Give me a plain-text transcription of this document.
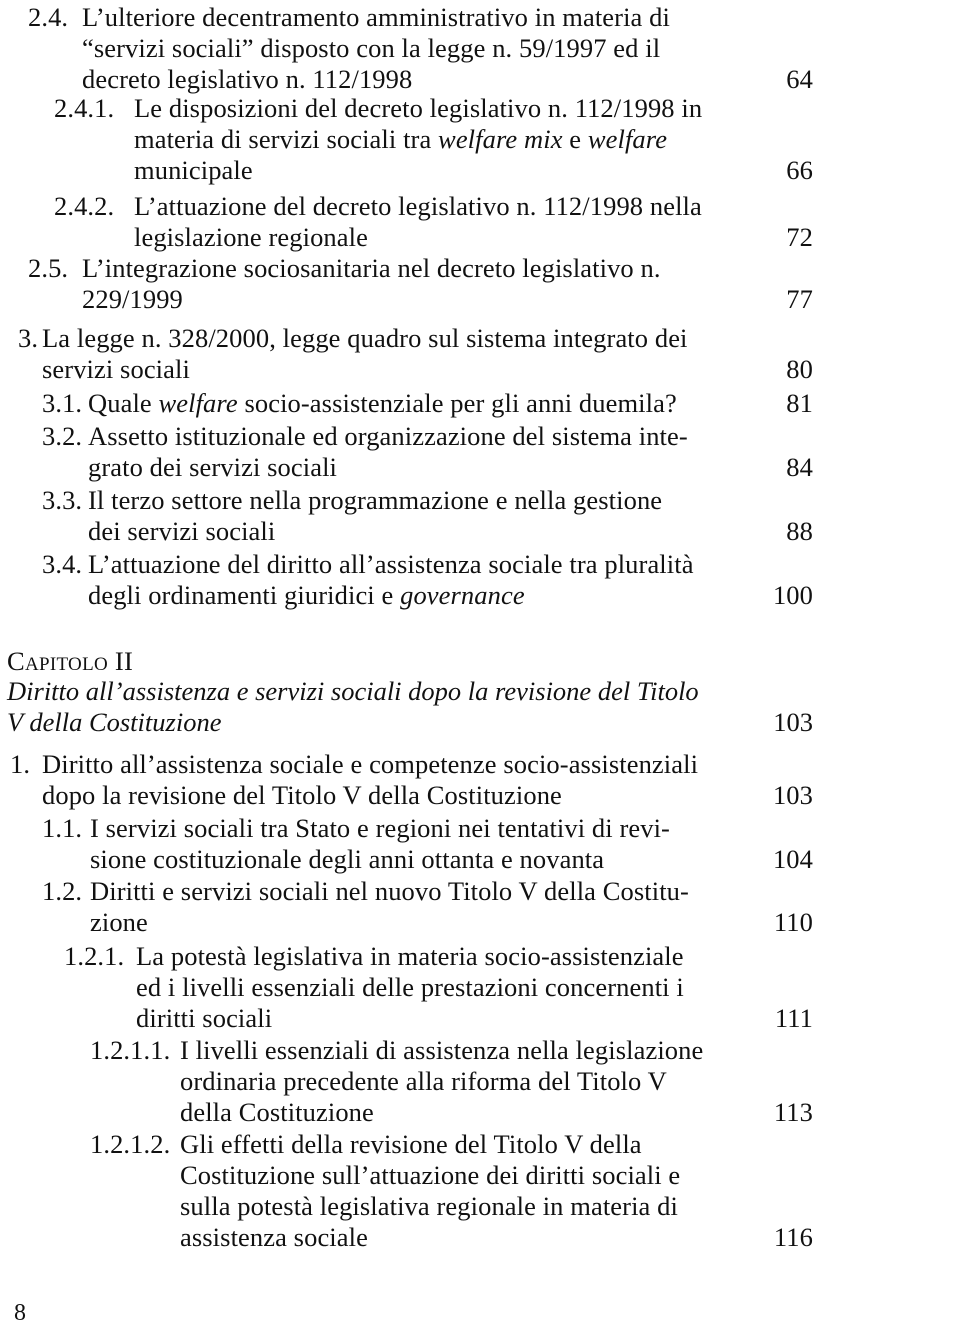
2.4. L’ulteriore decentramento amministrativo in materia di
“servizi sociali” disposto con la legge n. 59/1997 ed il
decreto legislativo n. 112/1998	64
2.4.1. Le disposizioni del decreto legislativo n. 112/1998 in
materia di servizi sociali tra welfare mix e welfare
municipale	66
2.4.2. L’attuazione del decreto legislativo n. 112/1998 nella
legislazione regionale	72
2.5. L’integrazione sociosanitaria nel decreto legislativo n.
229/1999	77
3. La legge n. 328/2000, legge quadro sul sistema integrato dei
servizi sociali	80
3.1. Quale welfare socio-assistenziale per gli anni duemila?	81
3.2. Assetto istituzionale ed organizzazione del sistema inte-
grato dei servizi sociali	84
3.3. Il terzo settore nella programmazione e nella gestione
dei servizi sociali	88
3.4. L’attuazione del diritto all’assistenza sociale tra pluralità
degli ordinamenti giuridici e governance	100
Capitolo II
Diritto all’assistenza e servizi sociali dopo la revisione del Titolo
V della Costituzione	103
1. Diritto all’assistenza sociale e competenze socio-assistenziali
dopo la revisione del Titolo V della Costituzione	103
1.1. I servizi sociali tra Stato e regioni nei tentativi di revi-
sione costituzionale degli anni ottanta e novanta	104
1.2. Diritti e servizi sociali nel nuovo Titolo V della Costitu-
zione	110
1.2.1. La potestà legislativa in materia socio-assistenziale
ed i livelli essenziali delle prestazioni concernenti i
diritti sociali	111
1.2.1.1. I livelli essenziali di assistenza nella legislazione
ordinaria precedente alla riforma del Titolo V
della Costituzione	113
1.2.1.2. Gli effetti della revisione del Titolo V della
Costituzione sull’attuazione dei diritti sociali e
sulla potestà legislativa regionale in materia di
assistenza sociale	116
8
